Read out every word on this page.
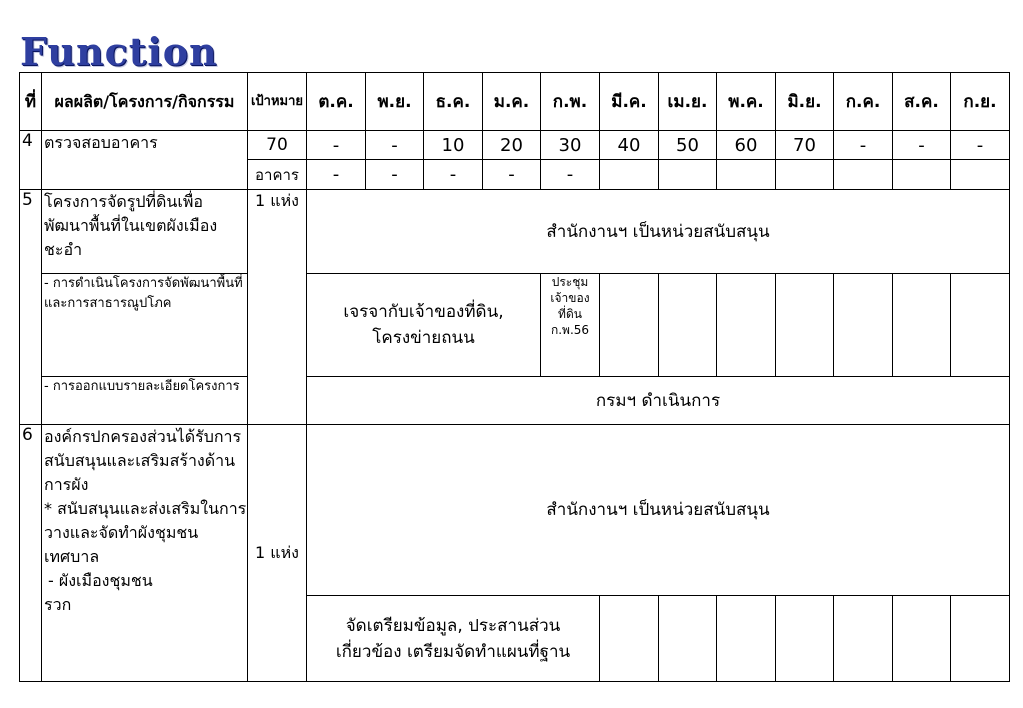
Function
ที่	ผลผลิต/โครงการ/กิจกรรม	เป้าหมาย	ต.ค.	พ.ย.	ธ.ค.	ม.ค.	ก.พ.	มี.ค.	เม.ย.	พ.ค.	มิ.ย.	ก.ค.	ส.ค.	ก.ย.
4	ตรวจสอบอาคาร	70	-	-	10	20	30	40	50	60	70	-	-	-
		อาคาร	-	-	-	-	-							
5	โครงการจัดรูปที่ดินเพื่อพัฒนาพื้นที่ในเขตผังเมืองชะอำ	1 แห่ง	สำนักงานฯ เป็นหน่วยสนับสนุน											
	- การดำเนินโครงการจัดพัฒนาพื้นที่และการสาธารณูปโภค		เจรจากับเจ้าของที่ดิน, โครงข่ายถนน				ประชุมเจ้าของที่ดิน ก.พ.56							
	- การออกแบบรายละเอียดโครงการ		กรมฯ ดำเนินการ											
6	องค์กรปกครองส่วนได้รับการสนับสนุนและเสริมสร้างด้านการผัง
* สนับสนุนและส่งเสริมในการวางและจัดทำผังชุมชนเทศบาล
- ผังเมืองชุมชน
รวก	1 แห่ง	สำนักงานฯ เป็นหน่วยสนับสนุน											
			จัดเตรียมข้อมูล, ประสานส่วนเกี่ยวข้อง เตรียมจัดทำแผนที่ฐาน											
